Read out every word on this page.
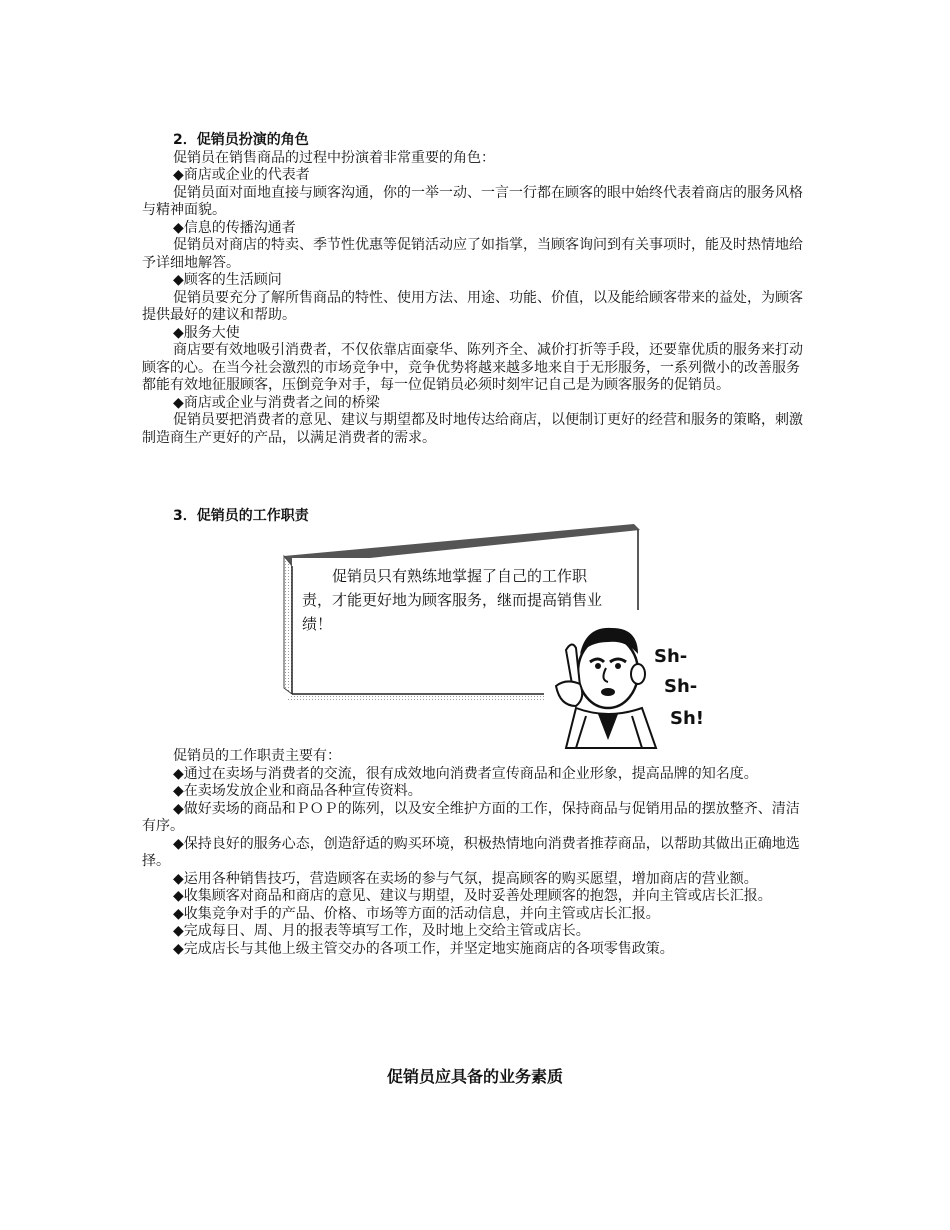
2．促销员扮演的角色

促销员在销售商品的过程中扮演着非常重要的角色：

◆商店或企业的代表者

促销员面对面地直接与顾客沟通，你的一举一动、一言一行都在顾客的眼中始终代表着商店的服务风格与精神面貌。

◆信息的传播沟通者

促销员对商店的特卖、季节性优惠等促销活动应了如指掌，当顾客询问到有关事项时，能及时热情地给予详细地解答。

◆顾客的生活顾问

促销员要充分了解所售商品的特性、使用方法、用途、功能、价值，以及能给顾客带来的益处，为顾客提供最好的建议和帮助。

◆服务大使

商店要有效地吸引消费者，不仅依靠店面豪华、陈列齐全、减价打折等手段，还要靠优质的服务来打动顾客的心。在当今社会激烈的市场竞争中，竞争优势将越来越多地来自于无形服务，一系列微小的改善服务都能有效地征服顾客，压倒竞争对手，每一位促销员必须时刻牢记自己是为顾客服务的促销员。

◆商店或企业与消费者之间的桥梁

促销员要把消费者的意见、建议与期望都及时地传达给商店，以便制订更好的经营和服务的策略，刺激制造商生产更好的产品，以满足消费者的需求。

3．促销员的工作职责
促销员只有熟练地掌握了自己的工作职责，才能更好地为顾客服务，继而提高销售业绩！
Sh-
Sh-
Sh!

促销员的工作职责主要有：

◆通过在卖场与消费者的交流，很有成效地向消费者宣传商品和企业形象，提高品牌的知名度。

◆在卖场发放企业和商品各种宣传资料。

◆做好卖场的商品和ＰＯＰ的陈列，以及安全维护方面的工作，保持商品与促销用品的摆放整齐、清洁有序。

◆保持良好的服务心态，创造舒适的购买环境，积极热情地向消费者推荐商品，以帮助其做出正确地选择。

◆运用各种销售技巧，营造顾客在卖场的参与气氛，提高顾客的购买愿望，增加商店的营业额。

◆收集顾客对商品和商店的意见、建议与期望，及时妥善处理顾客的抱怨，并向主管或店长汇报。

◆收集竞争对手的产品、价格、市场等方面的活动信息，并向主管或店长汇报。

◆完成每日、周、月的报表等填写工作，及时地上交给主管或店长。

◆完成店长与其他上级主管交办的各项工作，并坚定地实施商店的各项零售政策。

促销员应具备的业务素质
